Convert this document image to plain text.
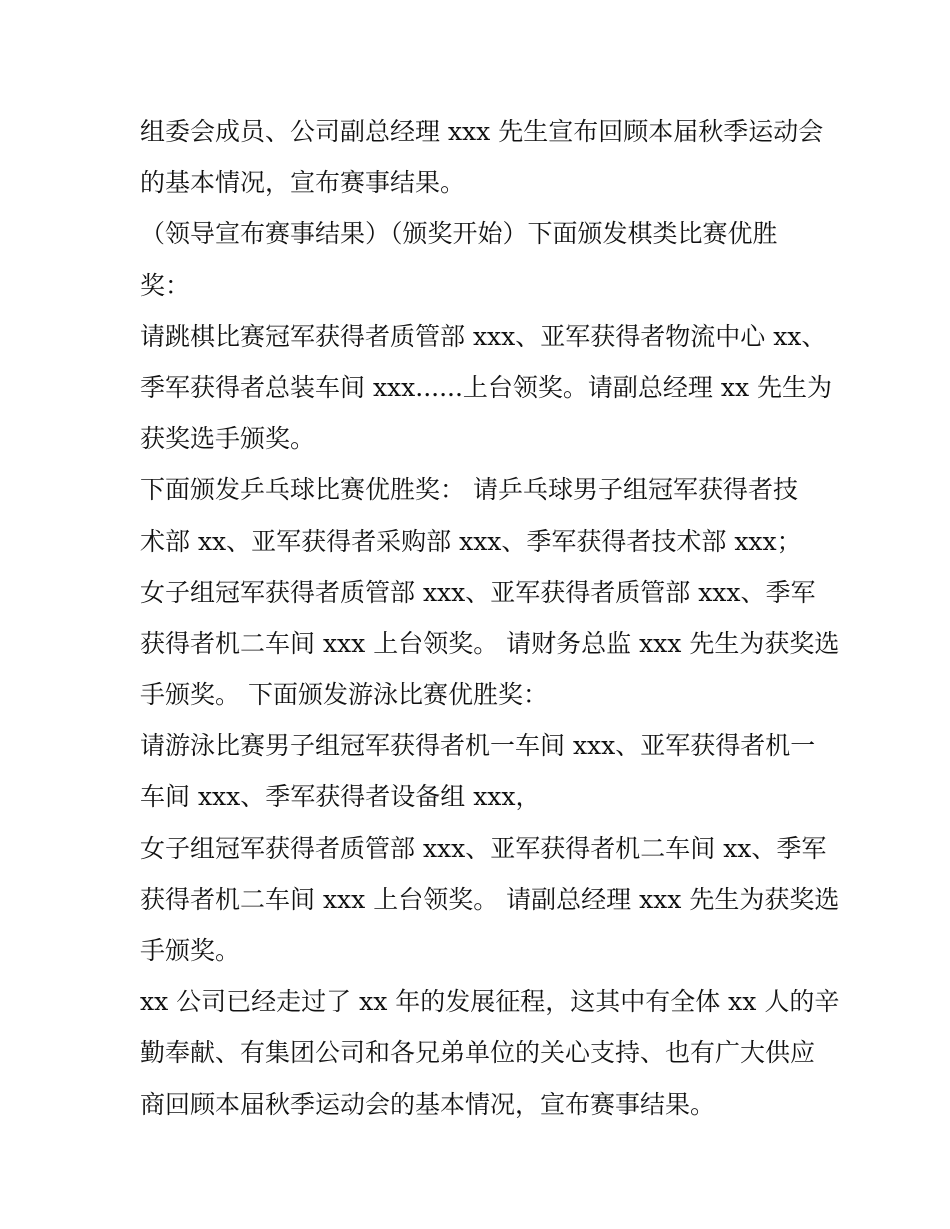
组委会成员、公司副总经理 xxx 先生宣布回顾本届秋季运动会
的基本情况，宣布赛事结果。
（领导宣布赛事结果）（颁奖开始）下面颁发棋类比赛优胜
奖：
请跳棋比赛冠军获得者质管部 xxx、亚军获得者物流中心 xx、
季军获得者总装车间 xxx......上台领奖。请副总经理 xx 先生为
获奖选手颁奖。
下面颁发乒乓球比赛优胜奖： 请乒乓球男子组冠军获得者技
术部 xx、亚军获得者采购部 xxx、季军获得者技术部 xxx；
女子组冠军获得者质管部 xxx、亚军获得者质管部 xxx、季军
获得者机二车间 xxx 上台领奖。 请财务总监 xxx 先生为获奖选
手颁奖。 下面颁发游泳比赛优胜奖：
请游泳比赛男子组冠军获得者机一车间 xxx、亚军获得者机一
车间 xxx、季军获得者设备组 xxx，
女子组冠军获得者质管部 xxx、亚军获得者机二车间 xx、季军
获得者机二车间 xxx 上台领奖。 请副总经理 xxx 先生为获奖选
手颁奖。
xx 公司已经走过了 xx 年的发展征程，这其中有全体 xx 人的辛
勤奉献、有集团公司和各兄弟单位的关心支持、也有广大供应
商回顾本届秋季运动会的基本情况，宣布赛事结果。
